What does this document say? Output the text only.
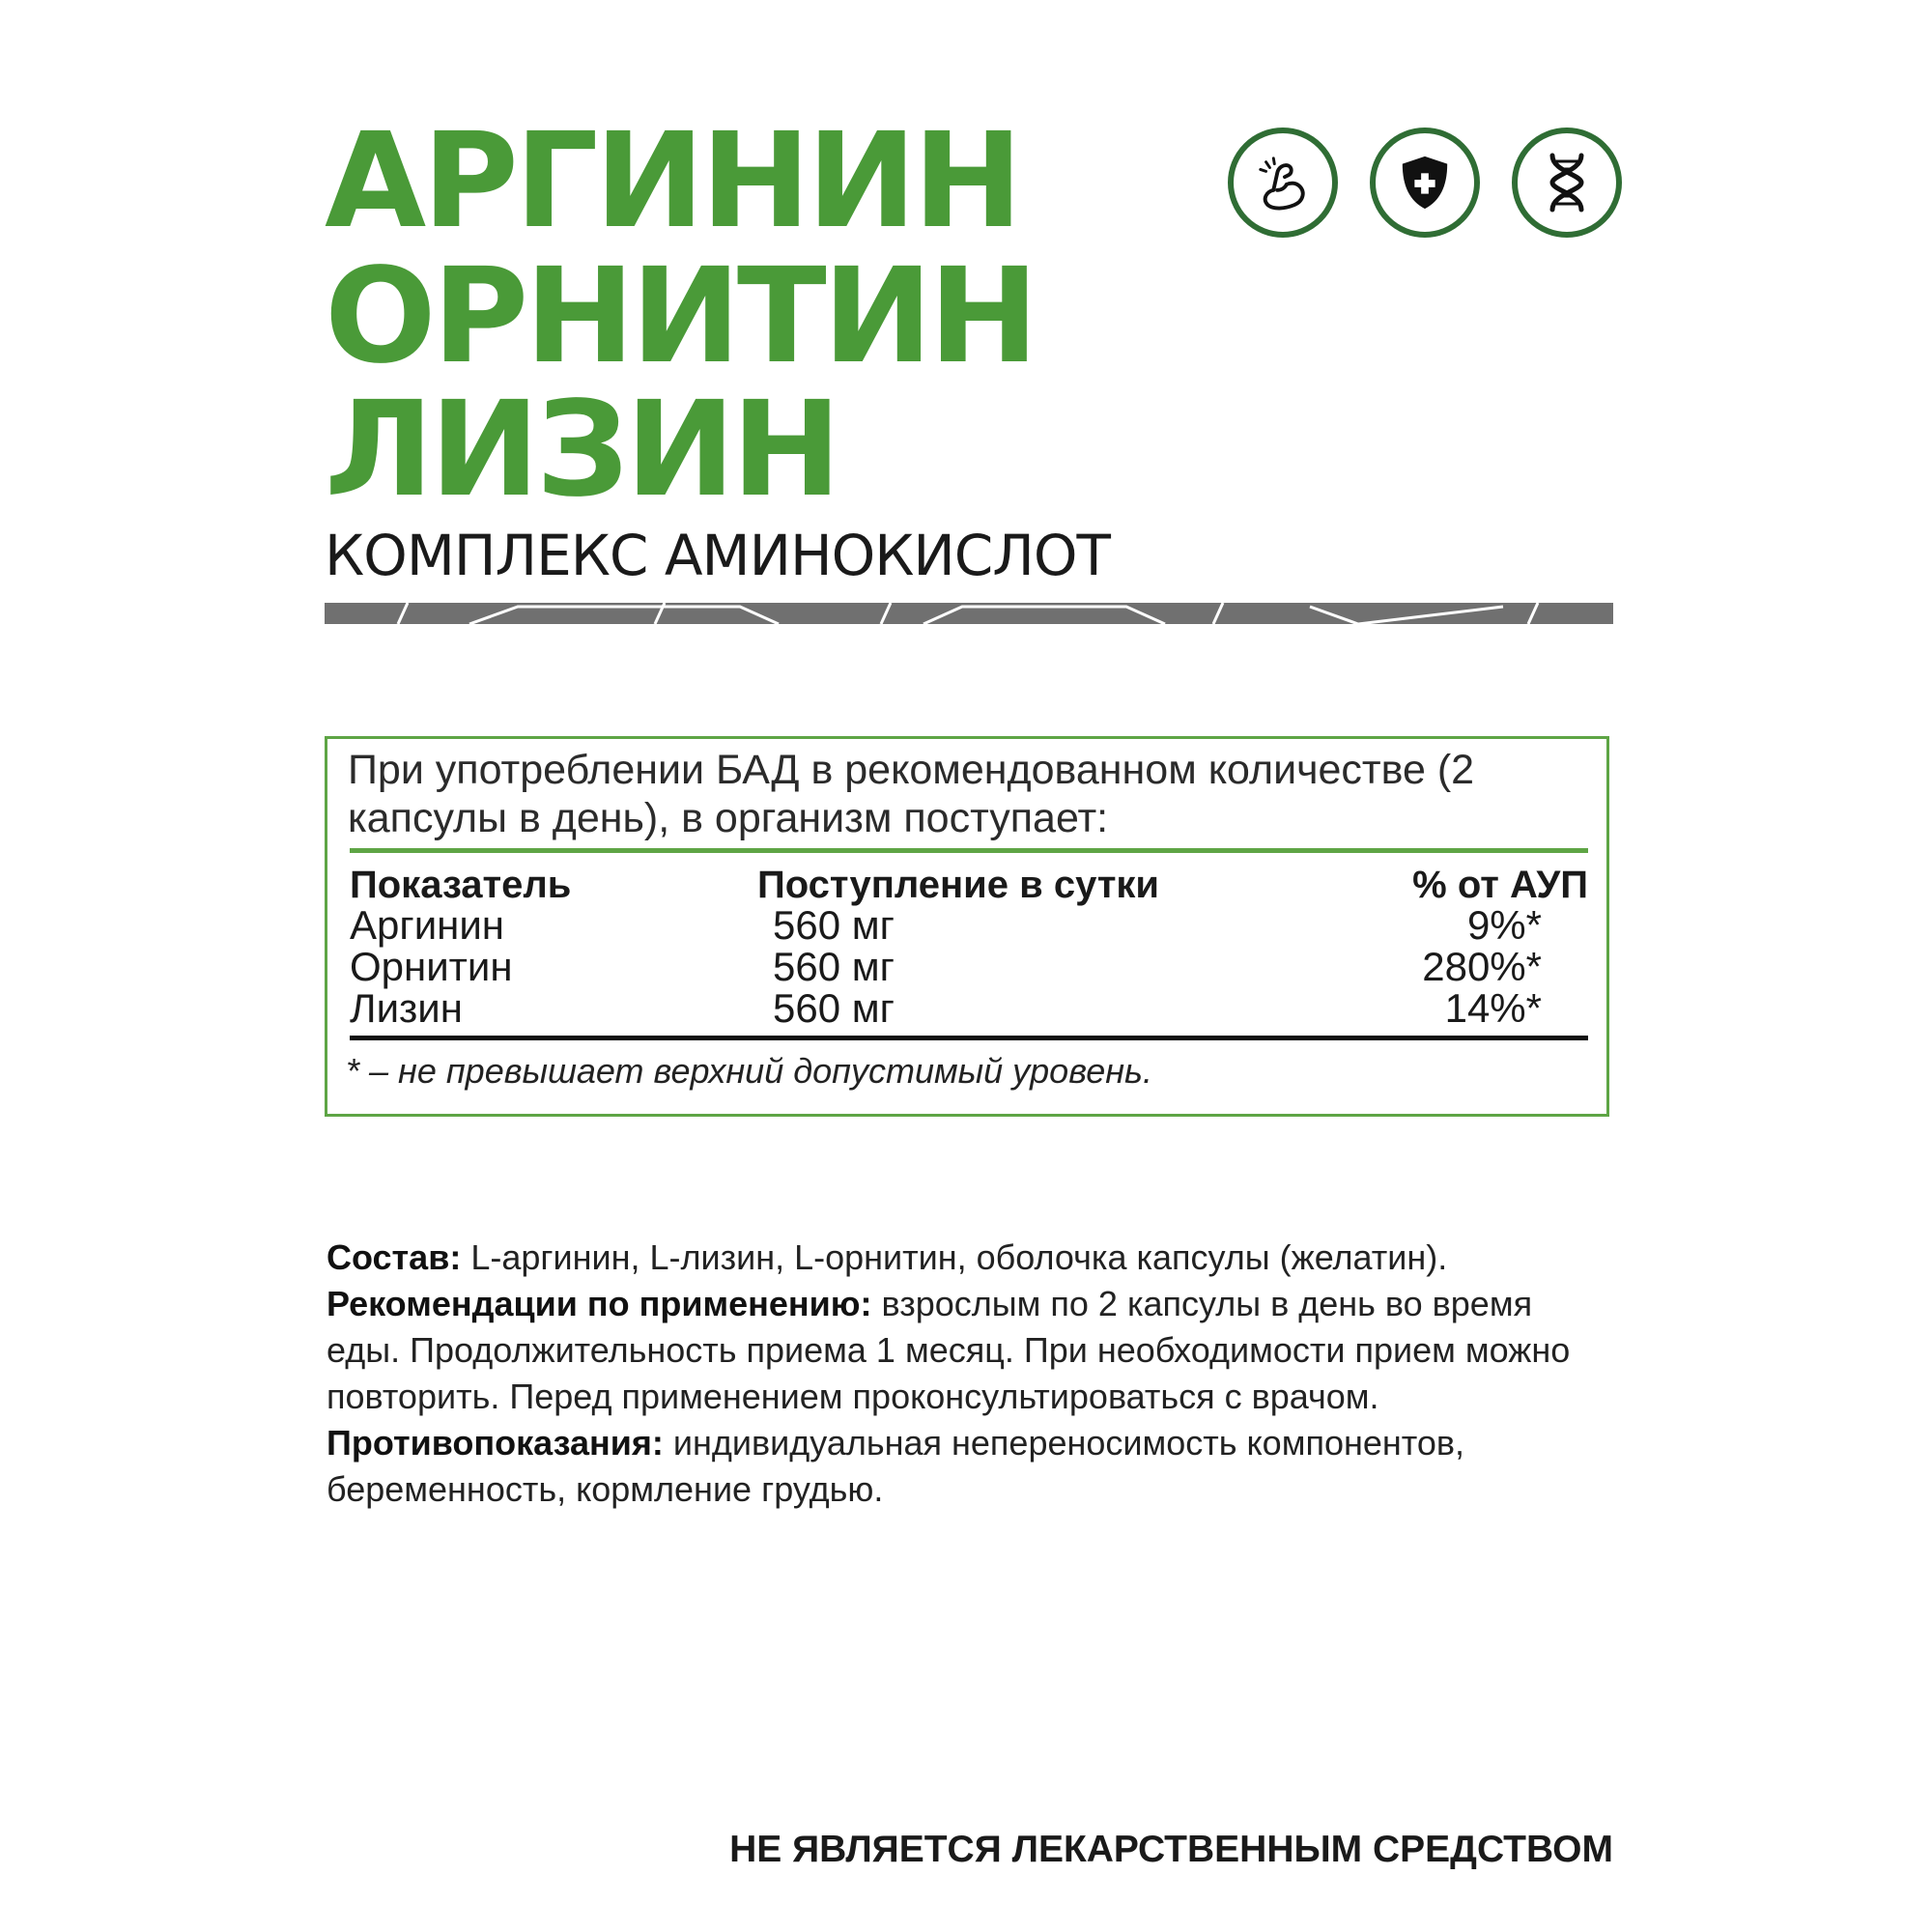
АРГИНИН
ОРНИТИН
ЛИЗИН
КОМПЛЕКС АМИНОКИСЛОТ
При употреблении БАД в рекомендованном количестве (2 капсулы в день), в организм поступает:
Показатель	Поступление в сутки	% от АУП
Аргинин	560 мг	9%*
Орнитин	560 мг	280%*
Лизин	560 мг	14%*
* – не превышает верхний допустимый уровень.
Состав: L-аргинин, L-лизин, L-орнитин, оболочка капсулы (желатин).
Рекомендации по применению: взрослым по 2 капсулы в день во время еды. Продолжительность приема 1 месяц. При необходимости прием можно повторить. Перед применением проконсультироваться с врачом.
Противопоказания: индивидуальная непереносимость компонентов, беременность, кормление грудью.
НЕ ЯВЛЯЕТСЯ ЛЕКАРСТВЕННЫМ СРЕДСТВОМ
